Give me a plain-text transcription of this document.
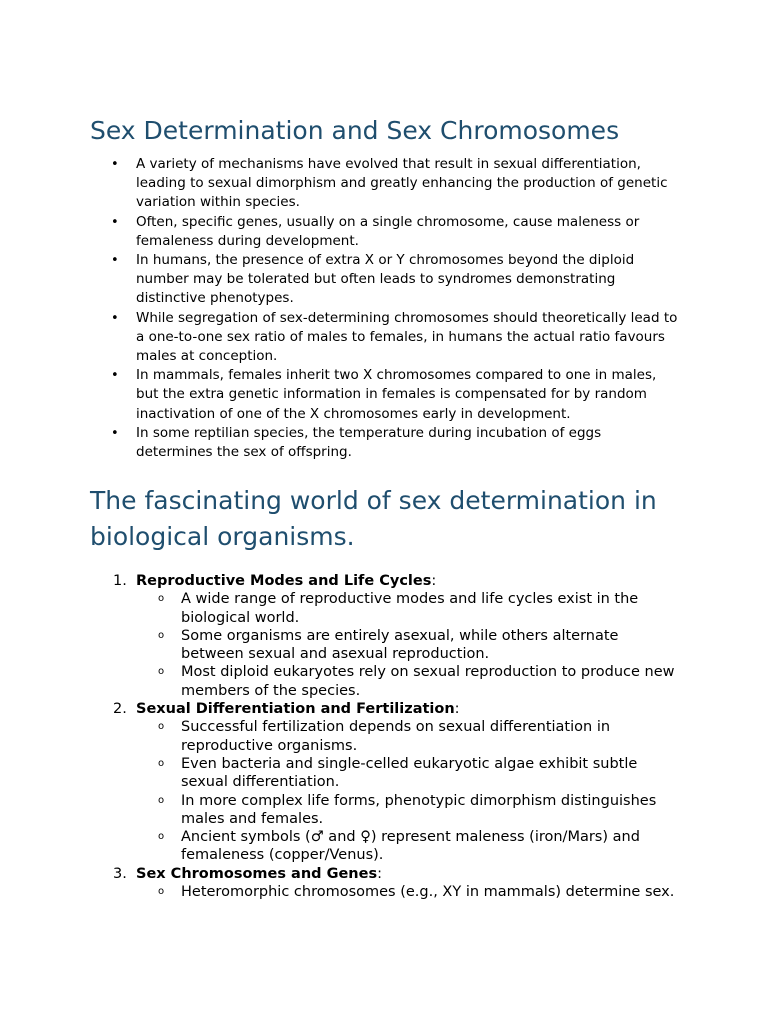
Sex Determination and Sex Chromosomes
• A variety of mechanisms have evolved that result in sexual differentiation, leading to sexual dimorphism and greatly enhancing the production of genetic variation within species.
• Often, specific genes, usually on a single chromosome, cause maleness or femaleness during development.
• In humans, the presence of extra X or Y chromosomes beyond the diploid number may be tolerated but often leads to syndromes demonstrating distinctive phenotypes.
• While segregation of sex-determining chromosomes should theoretically lead to a one-to-one sex ratio of males to females, in humans the actual ratio favours males at conception.
• In mammals, females inherit two X chromosomes compared to one in males, but the extra genetic information in females is compensated for by random inactivation of one of the X chromosomes early in development.
• In some reptilian species, the temperature during incubation of eggs determines the sex of offspring.
The fascinating world of sex determination in biological organisms.
1. Reproductive Modes and Life Cycles:
o A wide range of reproductive modes and life cycles exist in the biological world.
o Some organisms are entirely asexual, while others alternate between sexual and asexual reproduction.
o Most diploid eukaryotes rely on sexual reproduction to produce new members of the species.
2. Sexual Differentiation and Fertilization:
o Successful fertilization depends on sexual differentiation in reproductive organisms.
o Even bacteria and single-celled eukaryotic algae exhibit subtle sexual differentiation.
o In more complex life forms, phenotypic dimorphism distinguishes males and females.
o Ancient symbols (♂ and ♀) represent maleness (iron/Mars) and femaleness (copper/Venus).
3. Sex Chromosomes and Genes:
o Heteromorphic chromosomes (e.g., XY in mammals) determine sex.
